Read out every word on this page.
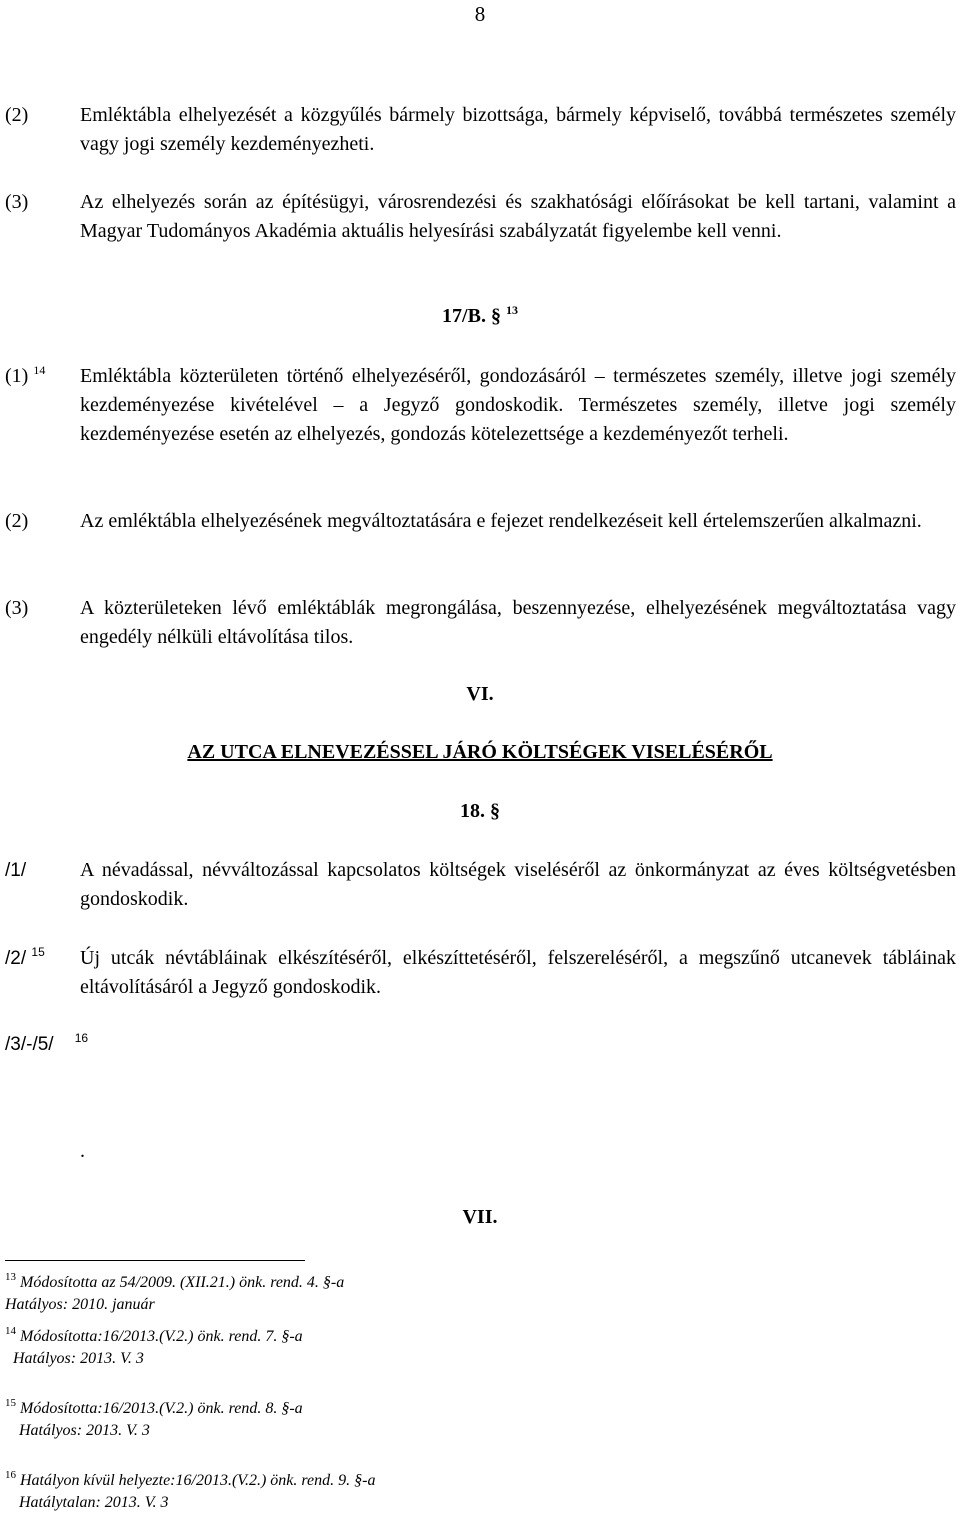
8
(2)	Emléktábla elhelyezését a közgyűlés bármely bizottsága, bármely képviselő, továbbá természetes személy vagy jogi személy kezdeményezheti.
(3)	Az elhelyezés során az építésügyi, városrendezési és szakhatósági előírásokat be kell tartani, valamint a Magyar Tudományos Akadémia aktuális helyesírási szabályzatát figyelembe kell venni.
17/B. § $^{13}$
(1) $^{14}$ Emléktábla közterületen történő elhelyezéséről, gondozásáról ‒ természetes személy, illetve jogi személy kezdeményezése kivételével ‒ a Jegyző gondoskodik. Természetes személy, illetve jogi személy kezdeményezése esetén az elhelyezés, gondozás kötelezettsége a kezdeményezőt terheli.
(2)	Az emléktábla elhelyezésének megváltoztatására e fejezet rendelkezéseit kell értelemszerűen alkalmazni.
(3)	A közterületeken lévő emléktáblák megrongálása, beszennyezése, elhelyezésének megváltoztatása vagy engedély nélküli eltávolítása tilos.
VI.
AZ UTCA ELNEVEZÉSSEL JÁRÓ KÖLTSÉGEK VISELÉSÉRŐL
18. §
/1/	A névadással, névváltozással kapcsolatos költségek viseléséről az önkormányzat az éves költségvetésben gondoskodik.
/2/ $^{15}$ Új utcák névtábláinak elkészítéséről, elkészíttetéséről, felszereléséről, a megszűnő utcanevek tábláinak eltávolításáról a Jegyző gondoskodik.
/3/-/5/ $^{16}$
.
VII.
$^{13}$ Módosította az 54/2009. (XII.21.) önk. rend. 4. §-a
Hatályos: 2010. január
$^{14}$ Módosította:16/2013.(V.2.) önk. rend. 7. §-a
Hatályos: 2013. V. 3
$^{15}$ Módosította:16/2013.(V.2.) önk. rend. 8. §-a
Hatályos: 2013. V. 3
$^{16}$ Hatályon kívül helyezte:16/2013.(V.2.) önk. rend. 9. §-a
Hatálytalan: 2013. V. 3
